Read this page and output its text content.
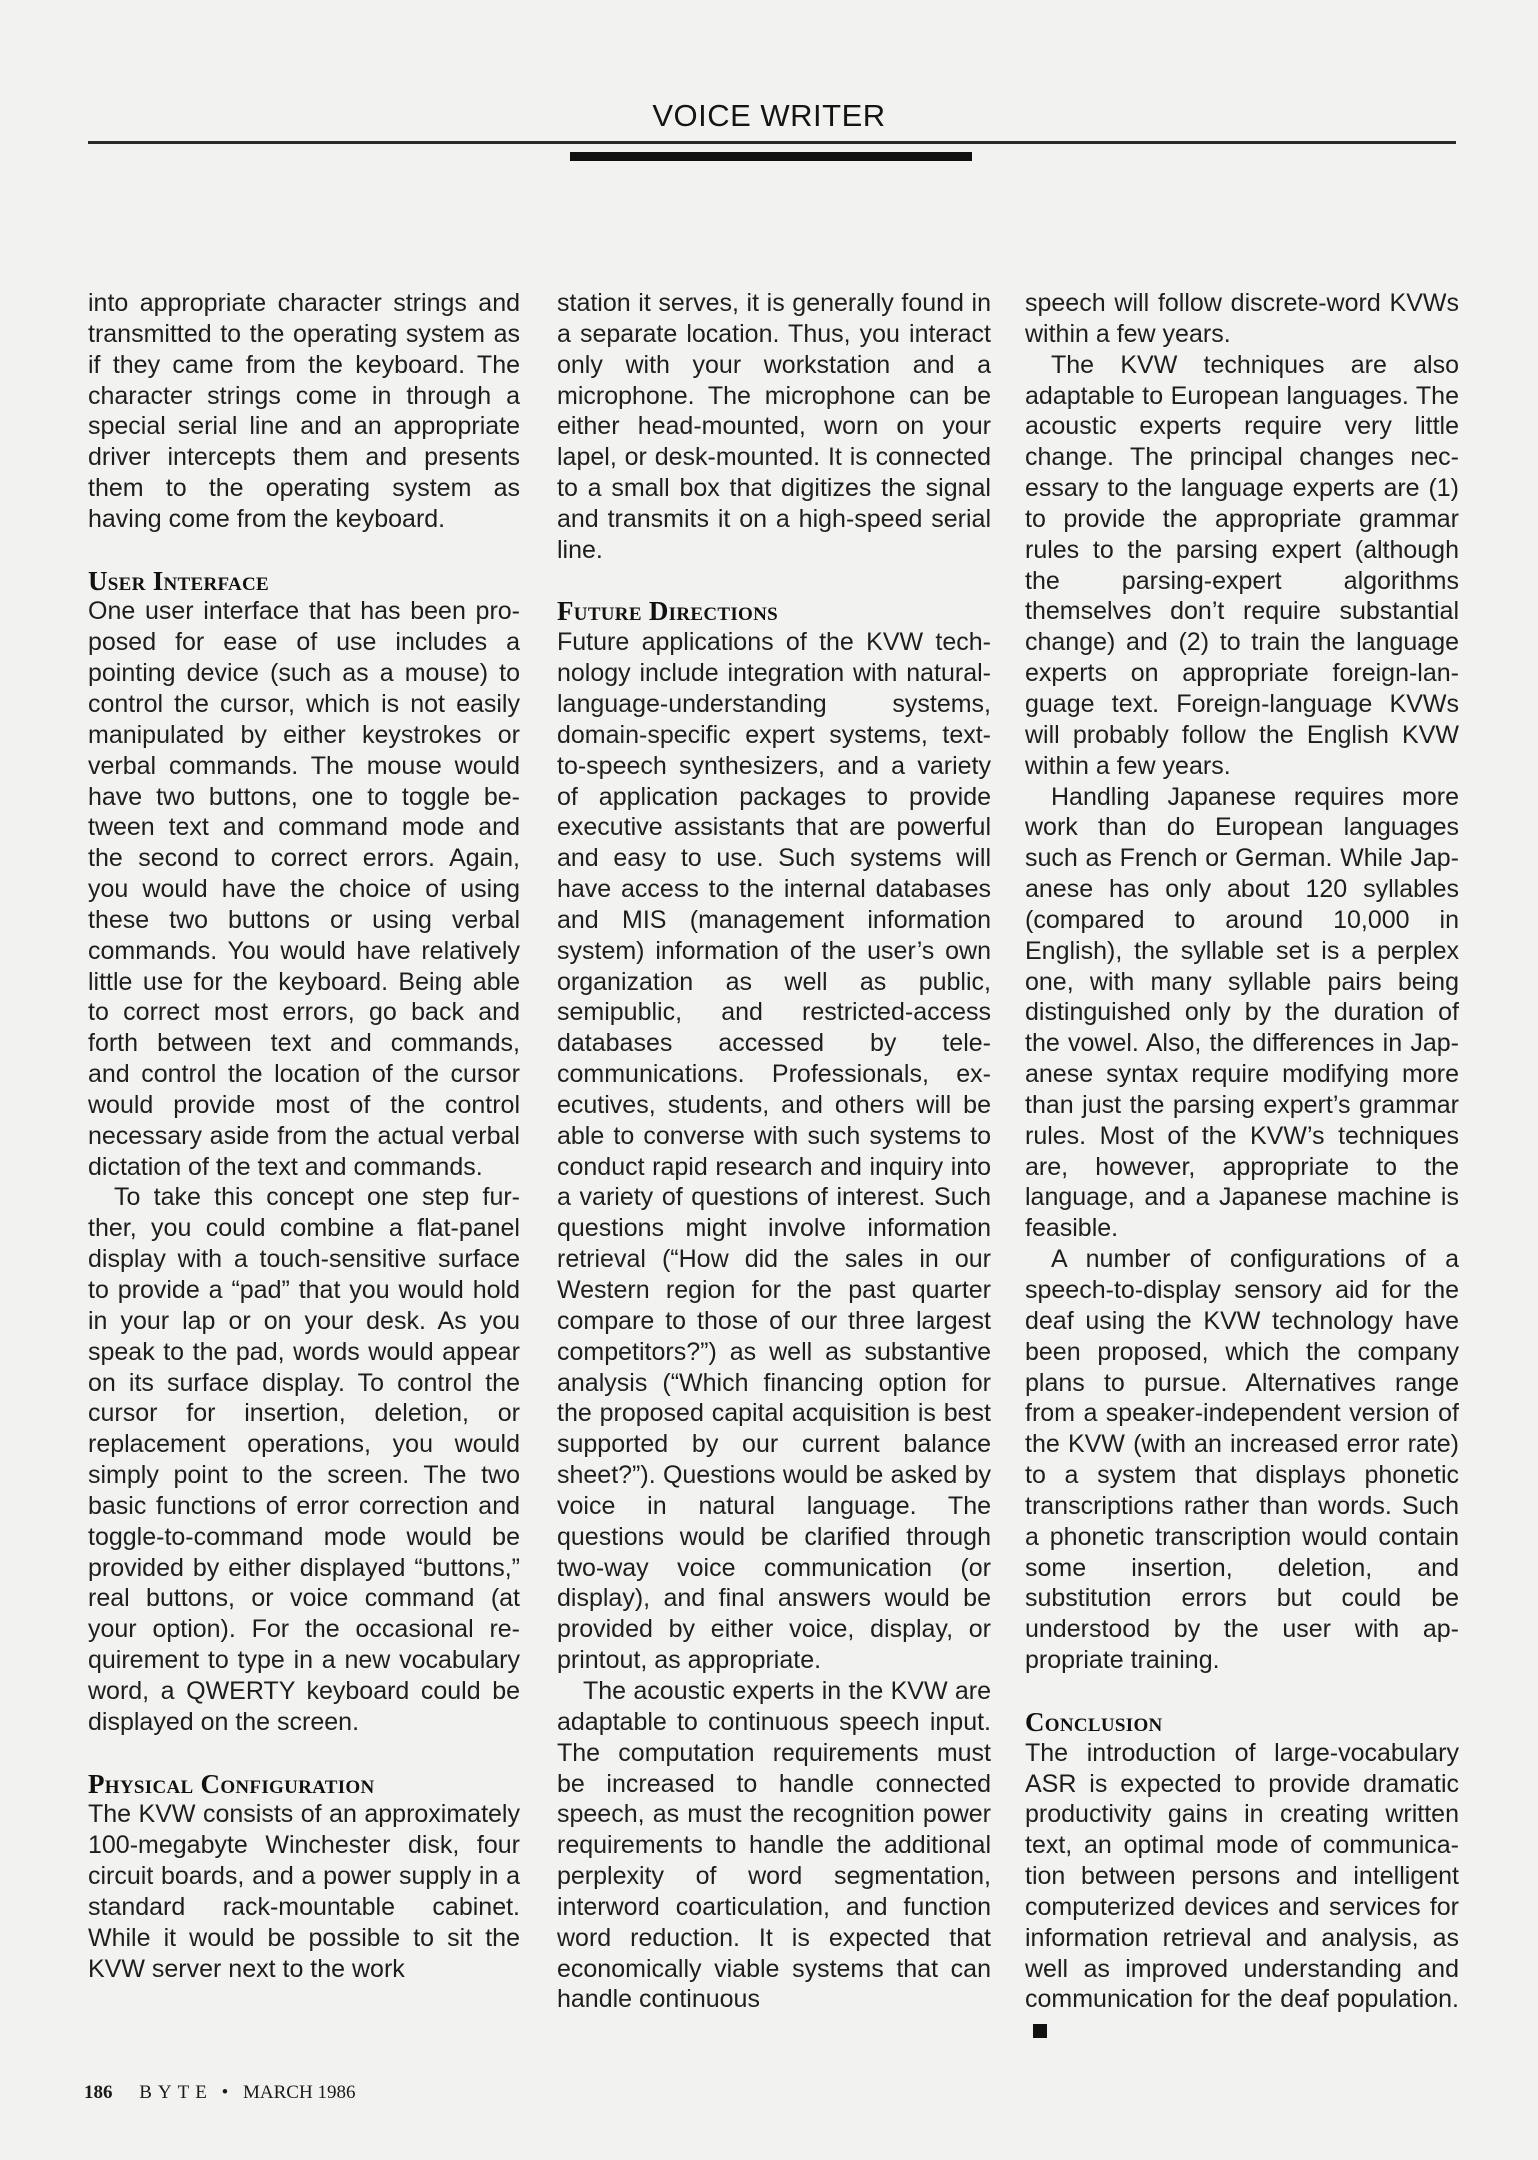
VOICE WRITER

into appropriate character strings and transmitted to the operating system as if they came from the keyboard. The character strings come in through a special serial line and an appropriate driver intercepts them and presents them to the operating system as having come from the keyboard.

User Interface

One user interface that has been proposed for ease of use includes a pointing device (such as a mouse) to control the cursor, which is not easily manipulated by either keystrokes or verbal commands. The mouse would have two buttons, one to toggle between text and command mode and the second to correct errors. Again, you would have the choice of using these two buttons or using verbal commands. You would have relatively little use for the keyboard. Being able to correct most errors, go back and forth between text and commands, and control the location of the cursor would provide most of the control necessary aside from the actual verbal dictation of the text and commands.

To take this concept one step further, you could combine a flat-panel display with a touch-sensitive surface to provide a “pad” that you would hold in your lap or on your desk. As you speak to the pad, words would appear on its surface display. To control the cursor for insertion, deletion, or replacement operations, you would simply point to the screen. The two basic functions of error correction and toggle-to-command mode would be provided by either displayed “buttons,” real buttons, or voice command (at your option). For the occasional requirement to type in a new vocabulary word, a QWERTY keyboard could be displayed on the screen.

Physical Configuration

The KVW consists of an approximately 100-megabyte Winchester disk, four circuit boards, and a power supply in a standard rack-mountable cabinet. While it would be possible to sit the KVW server next to the work

station it serves, it is generally found in a separate location. Thus, you interact only with your workstation and a microphone. The microphone can be either head-mounted, worn on your lapel, or desk-mounted. It is connected to a small box that digitizes the signal and transmits it on a high-speed serial line.

Future Directions

Future applications of the KVW technology include integration with natural-language-understanding systems, domain-specific expert systems, text-to-speech synthesizers, and a variety of application packages to provide executive assistants that are powerful and easy to use. Such systems will have access to the internal databases and MIS (management information system) information of the user’s own organization as well as public, semipublic, and restricted-access databases accessed by telecommunications. Professionals, executives, students, and others will be able to converse with such systems to conduct rapid research and inquiry into a variety of questions of interest. Such questions might involve information retrieval (“How did the sales in our Western region for the past quarter compare to those of our three largest competitors?”) as well as substantive analysis (“Which financing option for the proposed capital acquisition is best supported by our current balance sheet?”). Questions would be asked by voice in natural language. The questions would be clarified through two-way voice communication (or display), and final answers would be provided by either voice, display, or printout, as appropriate.

The acoustic experts in the KVW are adaptable to continuous speech input. The computation requirements must be increased to handle connected speech, as must the recognition power requirements to handle the additional perplexity of word segmentation, interword coarticulation, and function word reduction. It is expected that economically viable systems that can handle continuous

speech will follow discrete-word KVWs within a few years.

The KVW techniques are also adaptable to European languages. The acoustic experts require very little change. The principal changes necessary to the language experts are (1) to provide the appropriate grammar rules to the parsing expert (although the parsing-expert algorithms themselves don’t require substantial change) and (2) to train the language experts on appropriate foreign-language text. Foreign-language KVWs will probably follow the English KVW within a few years.

Handling Japanese requires more work than do European languages such as French or German. While Japanese has only about 120 syllables (compared to around 10,000 in English), the syllable set is a perplex one, with many syllable pairs being distinguished only by the duration of the vowel. Also, the differences in Japanese syntax require modifying more than just the parsing expert’s grammar rules. Most of the KVW’s techniques are, however, appropriate to the language, and a Japanese machine is feasible.

A number of configurations of a speech-to-display sensory aid for the deaf using the KVW technology have been proposed, which the company plans to pursue. Alternatives range from a speaker-independent version of the KVW (with an increased error rate) to a system that displays phonetic transcriptions rather than words. Such a phonetic transcription would contain some insertion, deletion, and substitution errors but could be understood by the user with appropriate training.

Conclusion

The introduction of large-vocabulary ASR is expected to provide dramatic productivity gains in creating written text, an optimal mode of communication between persons and intelligent computerized devices and services for information retrieval and analysis, as well as improved understanding and communication for the deaf population.

186 BYTE • MARCH 1986
